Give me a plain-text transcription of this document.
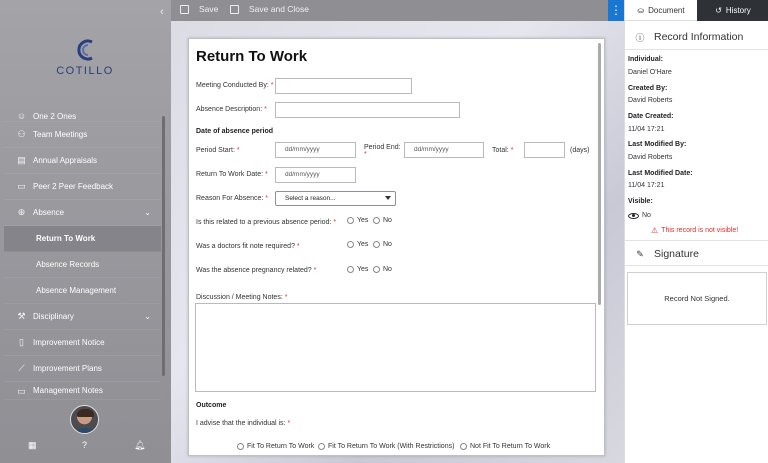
‹
COTILLO
☺ One 2 Ones
⚇ Team Meetings
▤ Annual Appraisals
▭ Peer 2 Peer Feedback
⊕ Absence	⌄
Return To Work
Absence Records
Absence Management
⚒ Disciplinary	⌄
▯	Improvement Notice
⟋ Improvement Plans
▭ Management Notes
▦	?	🔔︎
Save	Save and Close	⋮
Return To Work
Meeting Conducted By: *
Absence Description: *
Date of absence period
Period Start: *	dd/mm/yyyy	Period End:
*
dd/mm/yyyy	Total: *	(days)
Return To Work Date: *	dd/mm/yyyy
Reason For Absence: *	Select a reason...
Is this related to a previous absence period: *	Yes No
Was a doctors fit note required? *	Yes No
Was the absence pregnancy related? *	Yes No
Discussion / Meeting Notes: *
Outcome
I advise that the individual is: *
Fit To Return To Work Fit To Return To Work (With Restrictions) Not Fit To Return To Work
⛀ Document	↺ History
ⓘ Record Information
Individual:
Daniel O'Hare
Created By:
David Roberts
Date Created:
11/04 17:21
Last Modified By:
David Roberts
Last Modified Date:
11/04 17:21
Visible:
No
⚠ This record is not visible!
✎ Signature
Record Not Signed.
